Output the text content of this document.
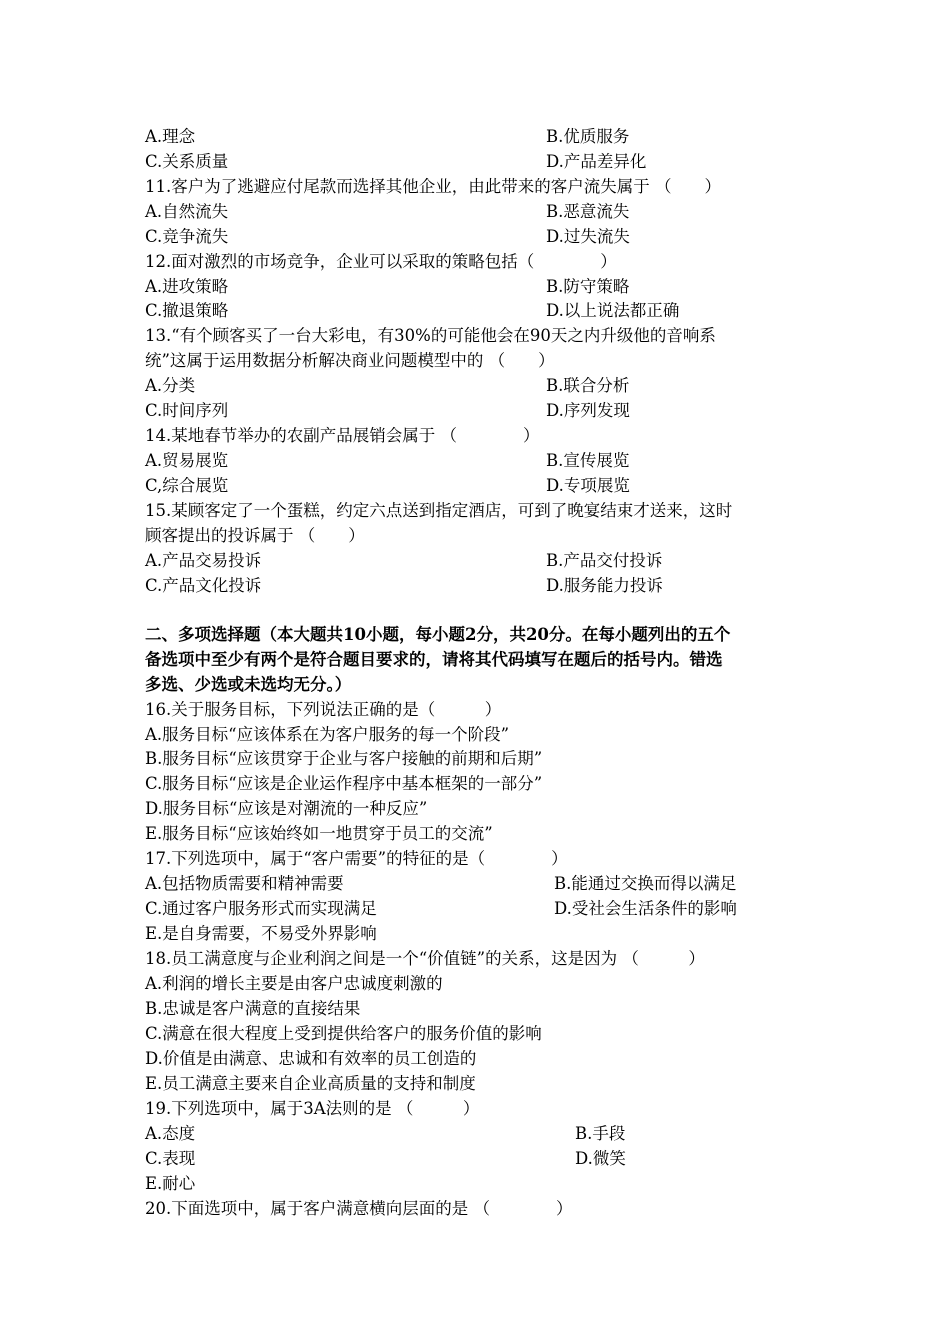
A.理念	B.优质服务
C.关系质量	D.产品差异化
11.客户为了逃避应付尾款而选择其他企业，由此带来的客户流失属于 （　　）
A.自然流失	B.恶意流失
C.竞争流失	D.过失流失
12.面对激烈的市场竞争，企业可以采取的策略包括（　　　　）
A.进攻策略	B.防守策略
C.撤退策略	D.以上说法都正确
13.“有个顾客买了一台大彩电，有30%的可能他会在90天之内升级他的音响系
统”这属于运用数据分析解决商业问题模型中的 （　　）
A.分类	B.联合分析
C.时间序列	D.序列发现
14.某地春节举办的农副产品展销会属于 （　　　　）
A.贸易展览	B.宣传展览
C,综合展览	D.专项展览
15.某顾客定了一个蛋糕，约定六点送到指定酒店，可到了晚宴结束才送来，这时
顾客提出的投诉属于 （　　）
A.产品交易投诉	B.产品交付投诉
C.产品文化投诉	D.服务能力投诉
二、多项选择题（本大题共10小题，每小题2分，共20分。在每小题列出的五个
备选项中至少有两个是符合题目要求的，请将其代码填写在题后的括号内。错选
多选、少选或未选均无分。）
16.关于服务目标，下列说法正确的是（　　　）
A.服务目标“应该体系在为客户服务的每一个阶段”
B.服务目标“应该贯穿于企业与客户接触的前期和后期”
C.服务目标“应该是企业运作程序中基本框架的一部分”
D.服务目标“应该是对潮流的一种反应”
E.服务目标“应该始终如一地贯穿于员工的交流”
17.下列选项中，属于“客户需要”的特征的是（　　　　）
A.包括物质需要和精神需要	B.能通过交换而得以满足
C.通过客户服务形式而实现满足	D.受社会生活条件的影响
E.是自身需要，不易受外界影响
18.员工满意度与企业利润之间是一个“价值链”的关系，这是因为 （　　　）
A.利润的增长主要是由客户忠诚度刺激的
B.忠诚是客户满意的直接结果
C.满意在很大程度上受到提供给客户的服务价值的影响
D.价值是由满意、忠诚和有效率的员工创造的
E.员工满意主要来自企业高质量的支持和制度
19.下列选项中，属于3A法则的是 （　　　）
A.态度	B.手段
C.表现	D.微笑
E.耐心
20.下面选项中，属于客户满意横向层面的是 （　　　　）
